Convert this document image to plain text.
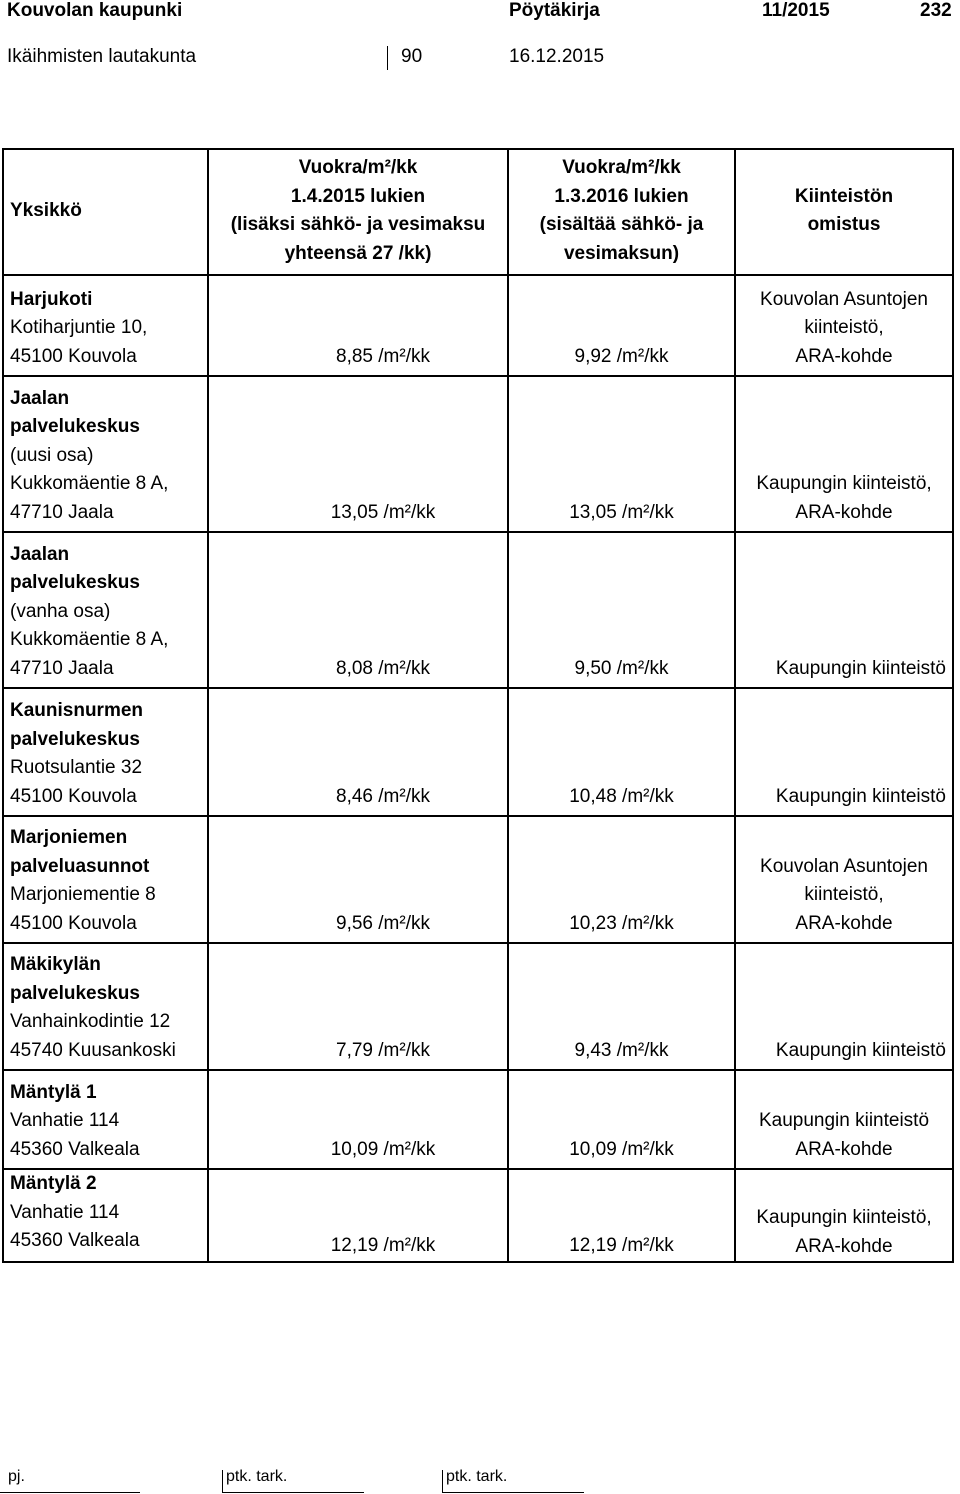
Kouvolan kaupunki	Pöytäkirja	11/2015	232
Ikäihmisten lautakunta	90	16.12.2015
Yksikkö	Vuokra/m²/kk
1.4.2015 lukien
(lisäksi sähkö- ja vesimaksu
yhteensä 27 /kk)	Vuokra/m²/kk
1.3.2016 lukien
(sisältää sähkö- ja
vesimaksun)	Kiinteistön
omistus

Harjukoti
Kotiharjuntie 10,
45100 Kouvola	8,85 /m²/kk	9,92 /m²/kk	Kouvolan Asuntojen
kiinteistö,
ARA-kohde

Jaalan
palvelukeskus
(uusi osa)
Kukkomäentie 8 A,
47710 Jaala	13,05 /m²/kk	13,05 /m²/kk	Kaupungin kiinteistö,
ARA-kohde

Jaalan
palvelukeskus
(vanha osa)
Kukkomäentie 8 A,
47710 Jaala	8,08 /m²/kk	9,50 /m²/kk	Kaupungin kiinteistö

Kaunisnurmen
palvelukeskus
Ruotsulantie 32
45100 Kouvola	8,46 /m²/kk	10,48 /m²/kk	Kaupungin kiinteistö

Marjoniemen
palveluasunnot
Marjoniementie 8
45100 Kouvola	9,56 /m²/kk	10,23 /m²/kk	Kouvolan Asuntojen
kiinteistö,
ARA-kohde

Mäkikylän
palvelukeskus
Vanhainkodintie 12
45740 Kuusankoski	7,79 /m²/kk	9,43 /m²/kk	Kaupungin kiinteistö

Mäntylä 1
Vanhatie 114
45360 Valkeala	10,09 /m²/kk	10,09 /m²/kk	Kaupungin kiinteistö
ARA-kohde

Mäntylä 2
Vanhatie 114
45360 Valkeala	12,19 /m²/kk	12,19 /m²/kk	Kaupungin kiinteistö,
ARA-kohde
pj.	ptk. tark.	ptk. tark.
